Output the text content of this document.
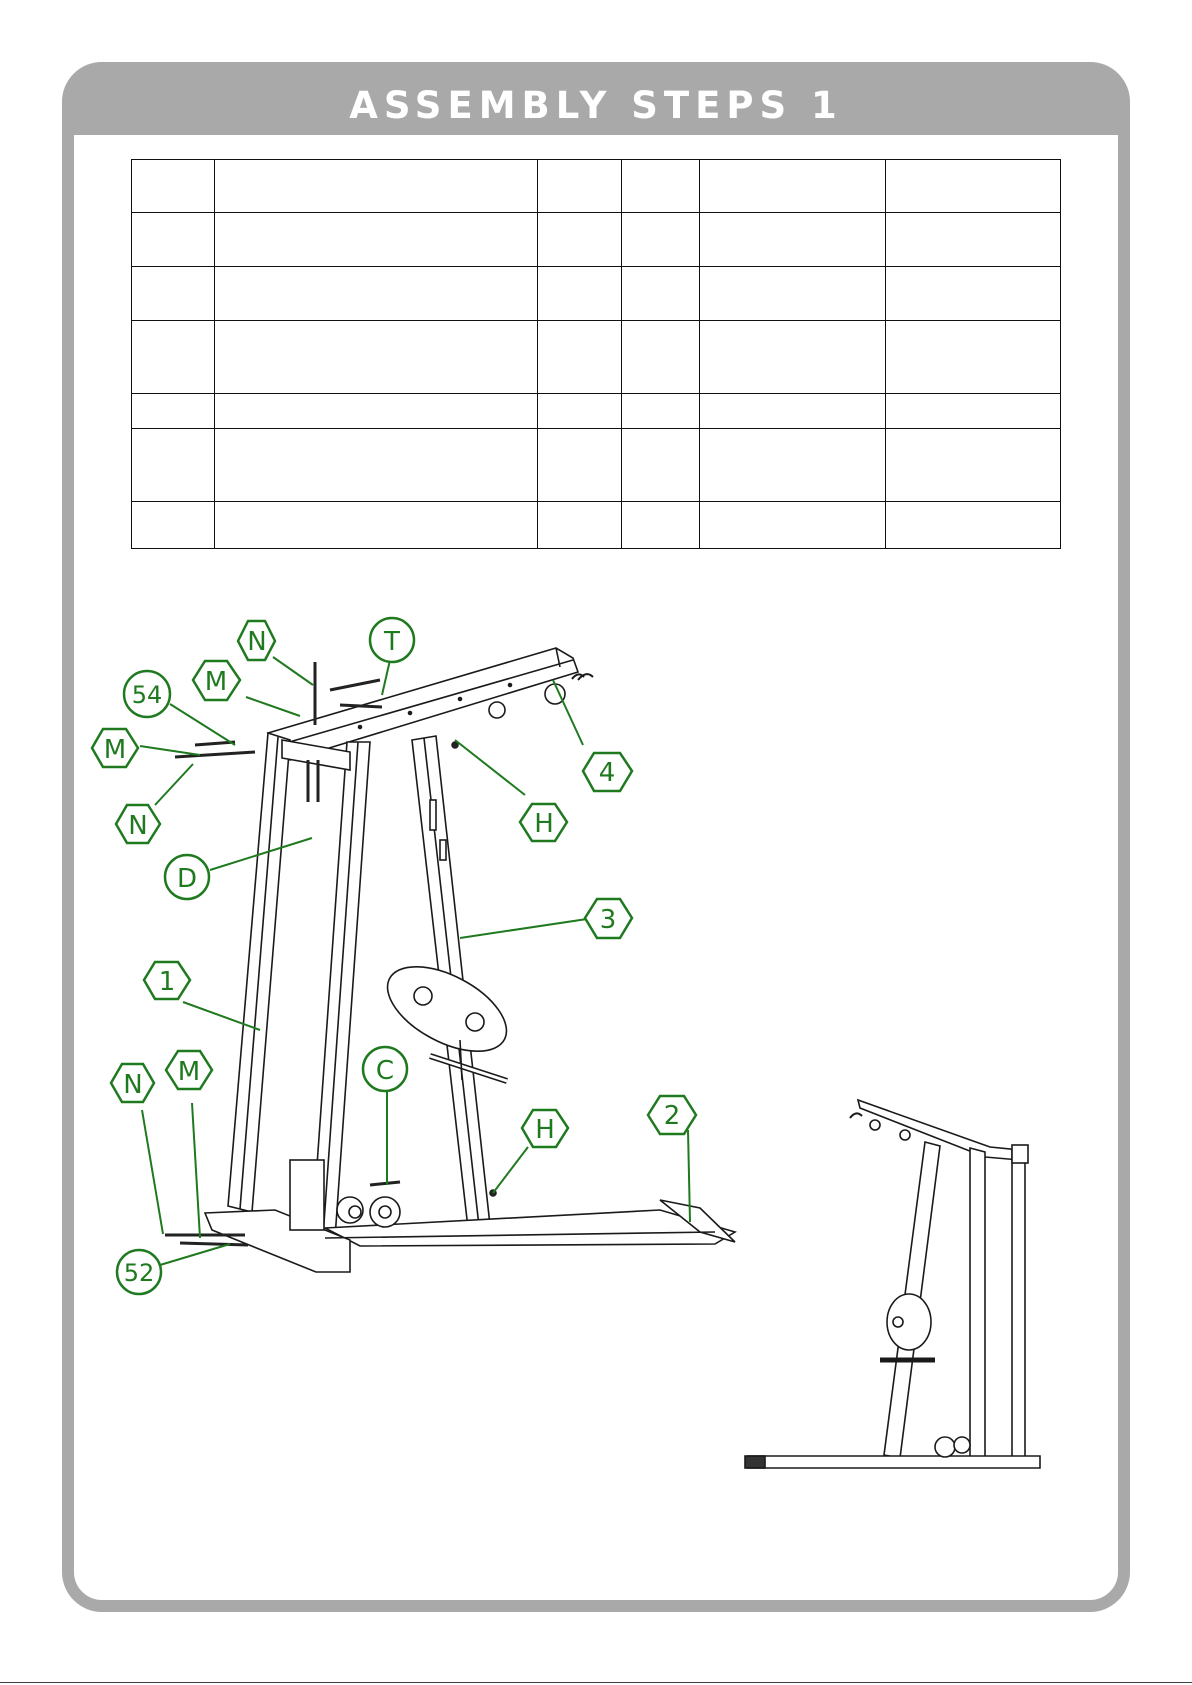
ASSEMBLY STEPS 1

N	T
M
54
M
N
D
H
C
H
N M
52
4
3
1
2
